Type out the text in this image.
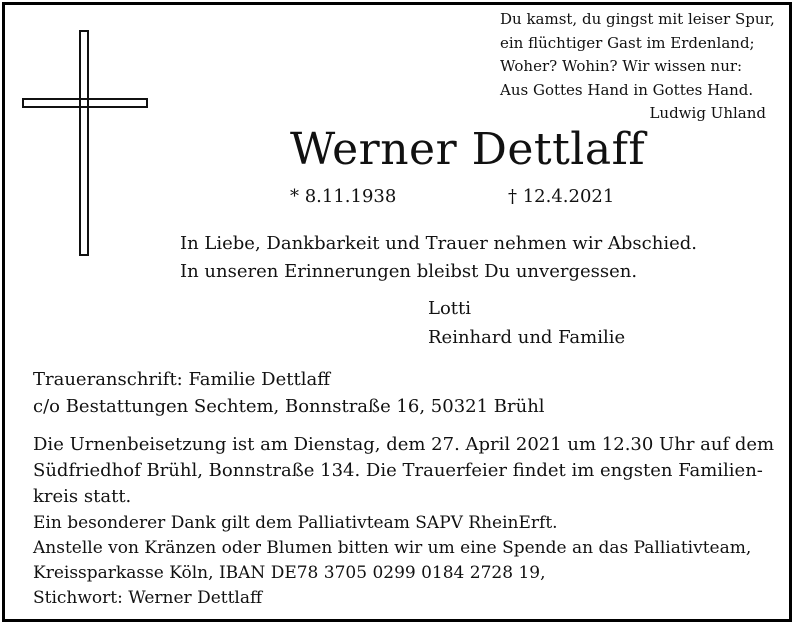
Du kamst, du gingst mit leiser Spur,
ein flüchtiger Gast im Erdenland;
Woher? Wohin? Wir wissen nur:
Aus Gottes Hand in Gottes Hand.
Ludwig Uhland
Werner Dettlaff
* 8.11.1938	† 12.4.2021
In Liebe, Dankbarkeit und Trauer nehmen wir Abschied.
In unseren Erinnerungen bleibst Du unvergessen.
Lotti
Reinhard und Familie
Traueranschrift: Familie Dettlaff
c/o Bestattungen Sechtem, Bonnstraße 16, 50321 Brühl
Die Urnenbeisetzung ist am Dienstag, dem 27. April 2021 um 12.30 Uhr auf dem
Südfriedhof Brühl, Bonnstraße 134. Die Trauerfeier findet im engsten Familien-
kreis statt.
Ein besonderer Dank gilt dem Palliativteam SAPV RheinErft.
Anstelle von Kränzen oder Blumen bitten wir um eine Spende an das Palliativteam,
Kreissparkasse Köln, IBAN DE78 3705 0299 0184 2728 19,
Stichwort: Werner Dettlaff
